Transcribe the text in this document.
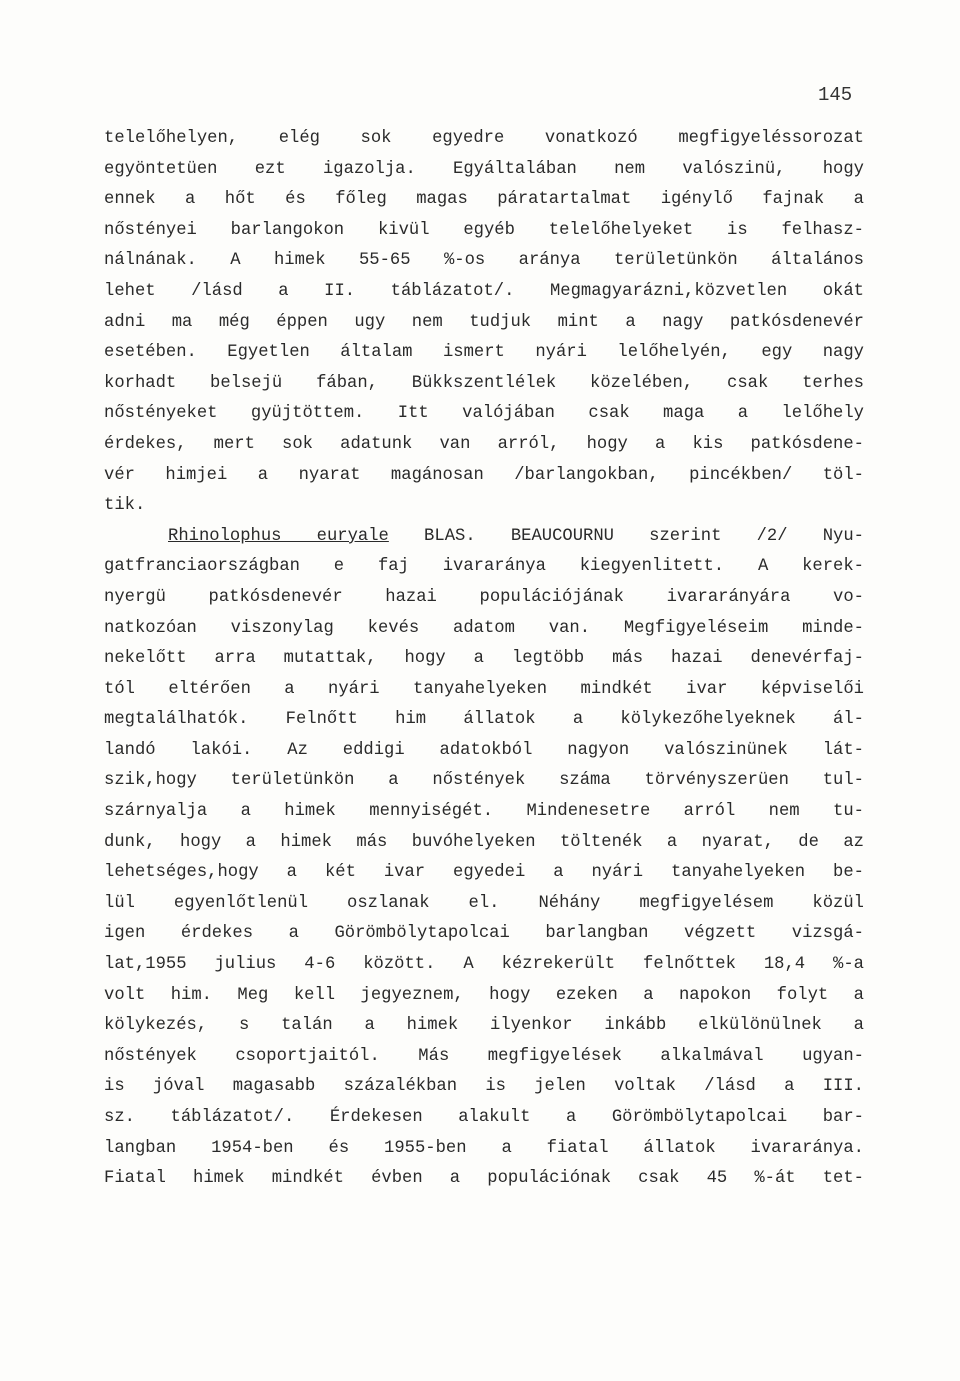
145
telelőhelyen, elég sok egyedre vonatkozó megfigyeléssorozat
egyöntetüen ezt igazolja. Egyáltalában nem valószinü, hogy
ennek a hőt és főleg magas páratartalmat igénylő fajnak a
nőstényei barlangokon kivül egyéb telelőhelyeket is felhasz-
nálnának. A himek 55-65 %-os aránya területünkön általános
lehet /lásd a II. táblázatot/. Megmagyarázni,közvetlen okát
adni ma még éppen ugy nem tudjuk mint a nagy patkósdenevér
esetében. Egyetlen általam ismert nyári lelőhelyén, egy nagy
korhadt belsejü fában, Bükkszentlélek közelében, csak terhes
nőstényeket gyüjtöttem. Itt valójában csak maga a lelőhely
érdekes, mert sok adatunk van arról, hogy a kis patkósdene-
vér himjei a nyarat magánosan /barlangokban, pincékben/ töl-
tik.
Rhinolophus euryale BLAS. BEAUCOURNU szerint /2/ Nyu-
gatfranciaországban e faj ivararánya kiegyenlitett. A kerek-
nyergü patkósdenevér hazai populációjának ivararányára vo-
natkozóan viszonylag kevés adatom van. Megfigyeléseim minde-
nekelőtt arra mutattak, hogy a legtöbb más hazai denevérfaj-
tól eltérően a nyári tanyahelyeken mindkét ivar képviselői
megtalálhatók. Felnőtt him állatok a kölykezőhelyeknek ál-
landó lakói. Az eddigi adatokból nagyon valószinünek lát-
szik,hogy területünkön a nőstények száma törvényszerüen tul-
szárnyalja a himek mennyiségét. Mindenesetre arról nem tu-
dunk, hogy a himek más buvóhelyeken töltenék a nyarat, de az
lehetséges,hogy a két ivar egyedei a nyári tanyahelyeken be-
lül egyenlőtlenül oszlanak el. Néhány megfigyelésem közül
igen érdekes a Görömbölytapolcai barlangban végzett vizsgá-
lat,1955 julius 4-6 között. A kézrekerült felnőttek 18,4 %-a
volt him. Meg kell jegyeznem, hogy ezeken a napokon folyt a
kölykezés, s talán a himek ilyenkor inkább elkülönülnek a
nőstények csoportjaitól. Más megfigyelések alkalmával ugyan-
is jóval magasabb százalékban is jelen voltak /lásd a III.
sz. táblázatot/. Érdekesen alakult a Görömbölytapolcai bar-
langban 1954-ben és 1955-ben a fiatal állatok ivararánya.
Fiatal himek mindkét évben a populációnak csak 45 %-át tet-
